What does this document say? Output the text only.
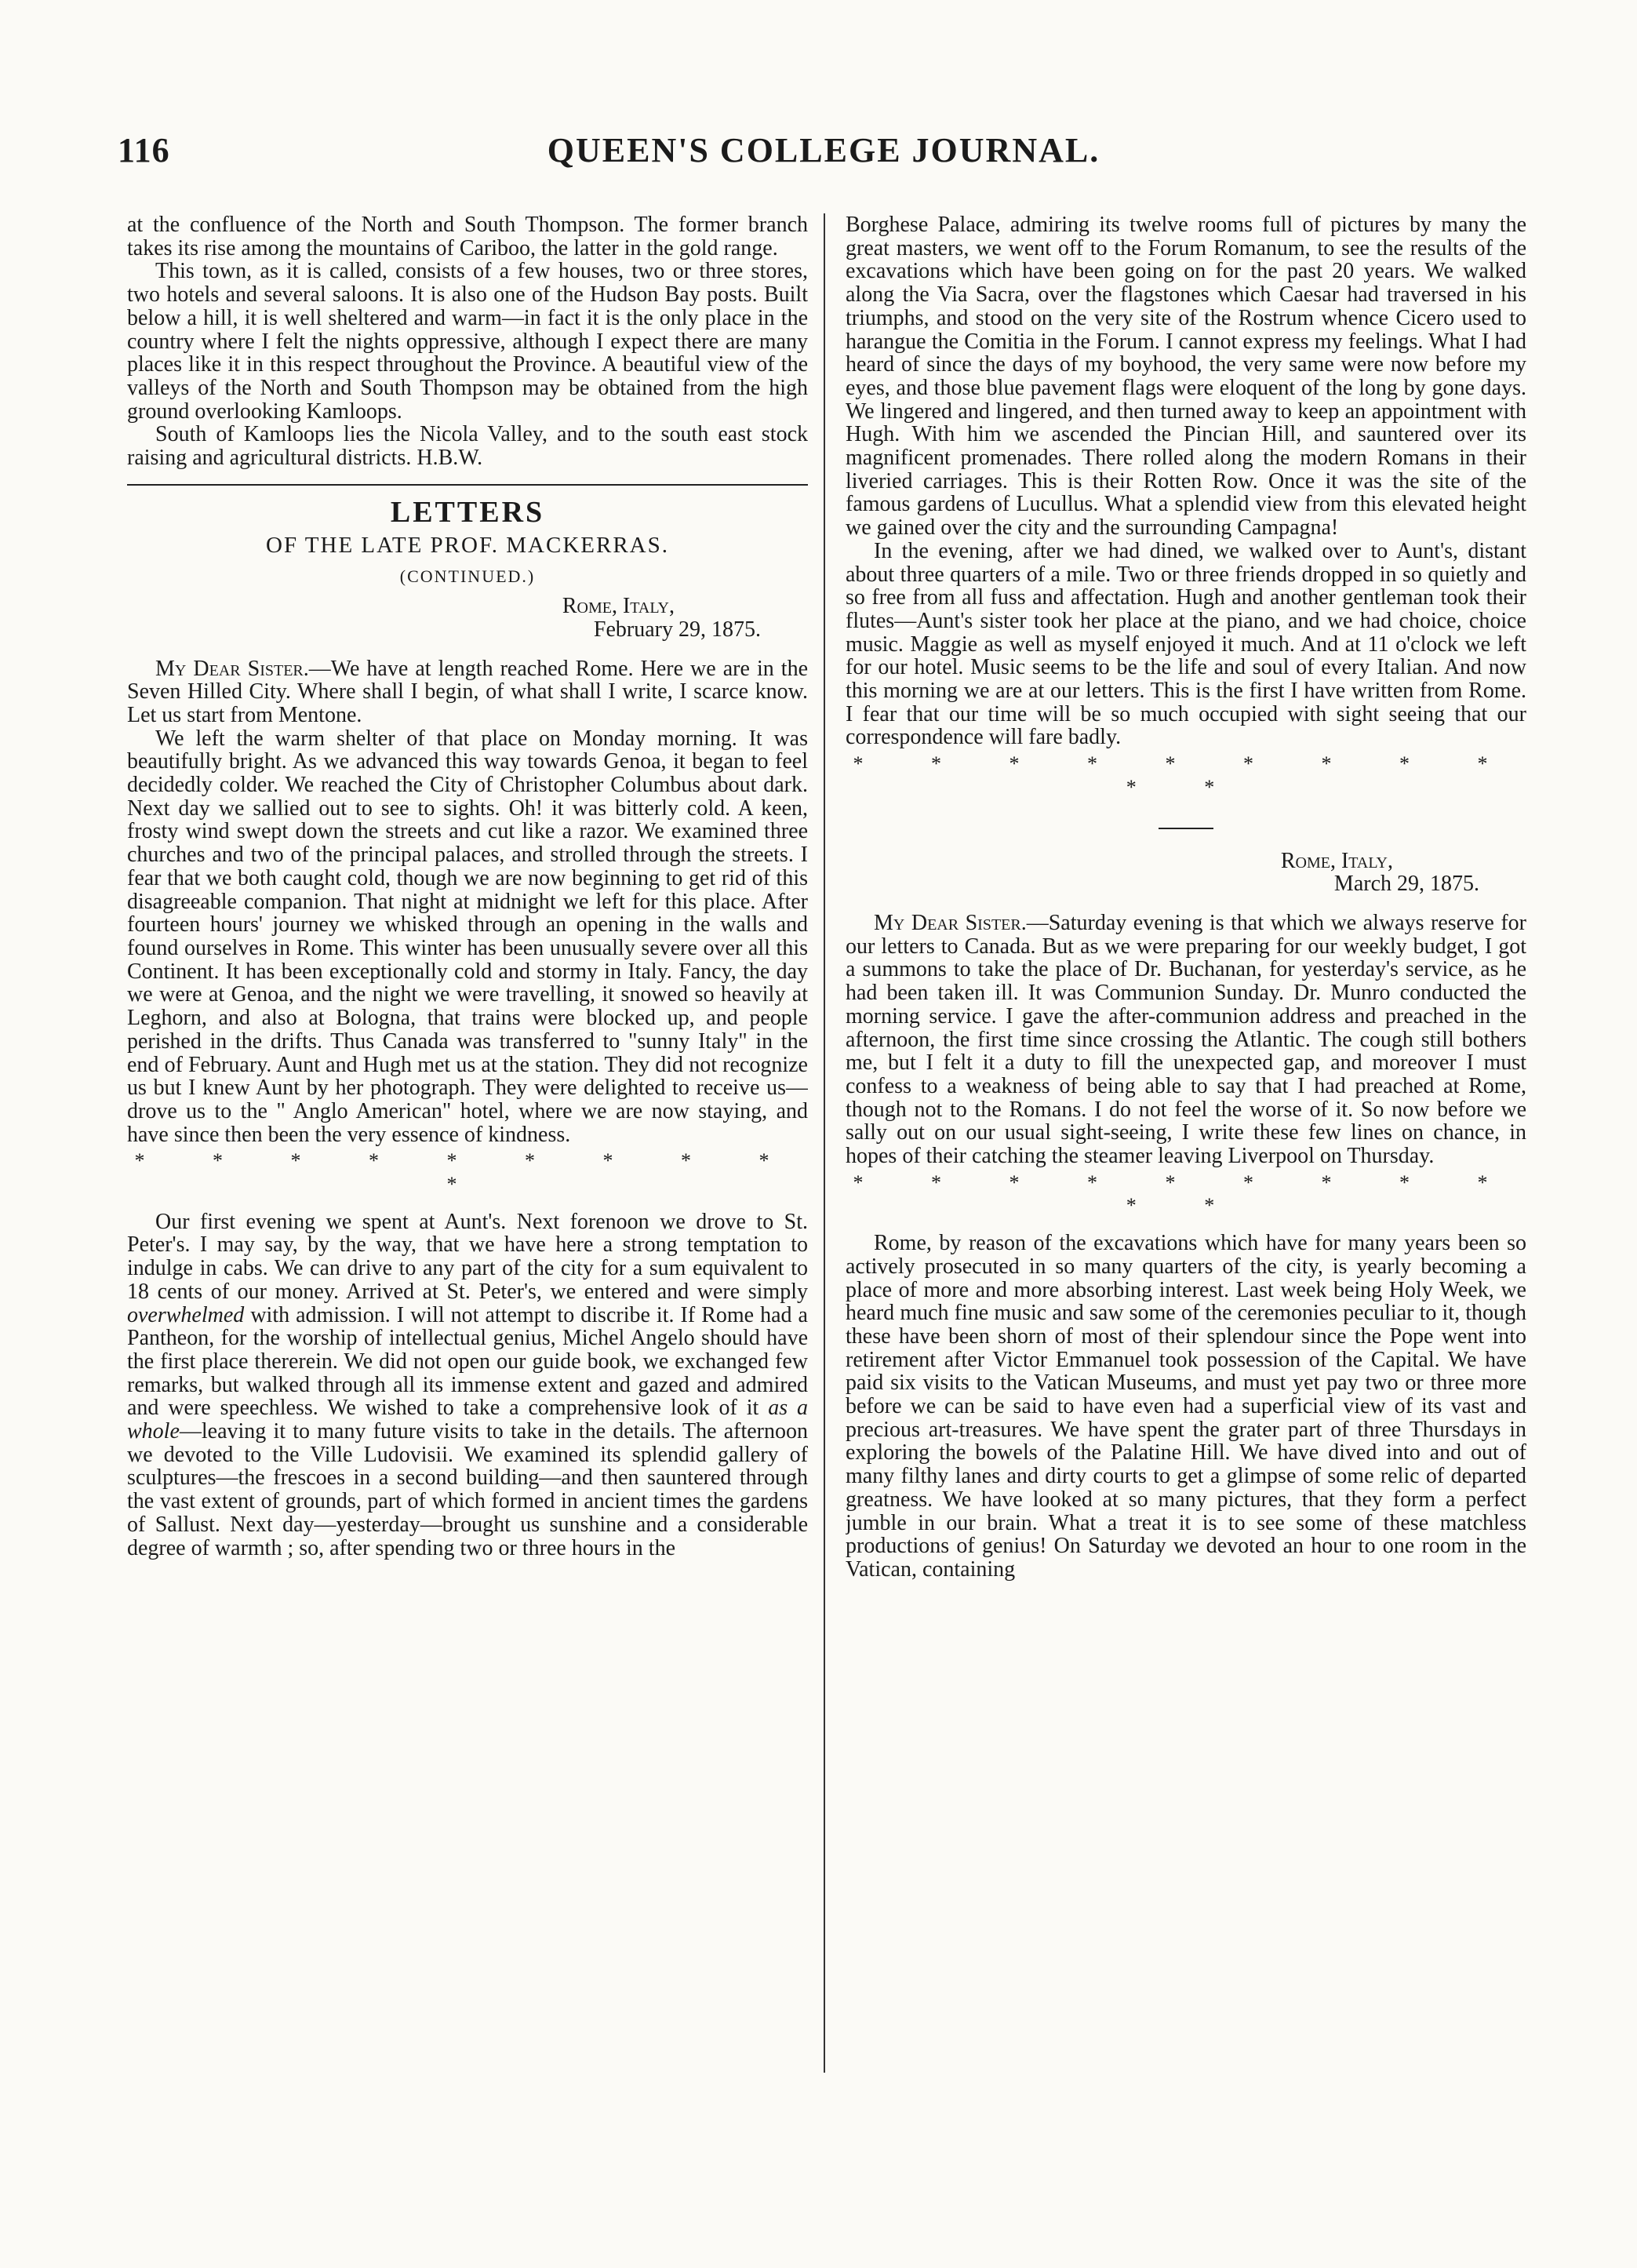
116	QUEEN'S COLLEGE JOURNAL.

at the confluence of the North and South Thompson. The former branch takes its rise among the mountains of Cariboo, the latter in the gold range.

This town, as it is called, consists of a few houses, two or three stores, two hotels and several saloons. It is also one of the Hudson Bay posts. Built below a hill, it is well sheltered and warm—in fact it is the only place in the country where I felt the nights oppressive, although I expect there are many places like it in this respect throughout the Province. A beautiful view of the valleys of the North and South Thompson may be obtained from the high ground overlooking Kamloops.

South of Kamloops lies the Nicola Valley, and to the south east stock raising and agricultural districts. H.B.W.

LETTERS
OF THE LATE PROF. MACKERRAS.
(CONTINUED.)

Rome, Italy,

February 29, 1875.

My Dear Sister.—We have at length reached Rome. Here we are in the Seven Hilled City. Where shall I begin, of what shall I write, I scarce know. Let us start from Mentone.

We left the warm shelter of that place on Monday morning. It was beautifully bright. As we advanced this way towards Genoa, it began to feel decidedly colder. We reached the City of Christopher Columbus about dark. Next day we sallied out to see to sights. Oh! it was bitterly cold. A keen, frosty wind swept down the streets and cut like a razor. We examined three churches and two of the principal palaces, and strolled through the streets. I fear that we both caught cold, though we are now beginning to get rid of this disagreeable companion. That night at midnight we left for this place. After fourteen hours' journey we whisked through an opening in the walls and found ourselves in Rome. This winter has been unusually severe over all this Continent. It has been exceptionally cold and stormy in Italy. Fancy, the day we were at Genoa, and the night we were travelling, it snowed so heavily at Leghorn, and also at Bologna, that trains were blocked up, and people perished in the drifts. Thus Canada was transferred to "sunny Italy" in the end of February. Aunt and Hugh met us at the station. They did not recognize us but I knew Aunt by her photograph. They were delighted to receive us—drove us to the " Anglo American" hotel, where we are now staying, and have since then been the very essence of kindness.

* * * * * * * * * *

Our first evening we spent at Aunt's. Next forenoon we drove to St. Peter's. I may say, by the way, that we have here a strong temptation to indulge in cabs. We can drive to any part of the city for a sum equivalent to 18 cents of our money. Arrived at St. Peter's, we entered and were simply overwhelmed with admission. I will not attempt to discribe it. If Rome had a Pantheon, for the worship of intellectual genius, Michel Angelo should have the first place thererein. We did not open our guide book, we exchanged few remarks, but walked through all its immense extent and gazed and admired and were speechless. We wished to take a comprehensive look of it as a whole—leaving it to many future visits to take in the details. The afternoon we devoted to the Ville Ludovisii. We examined its splendid gallery of sculptures—the frescoes in a second building—and then sauntered through the vast extent of grounds, part of which formed in ancient times the gardens of Sallust. Next day—yesterday—brought us sunshine and a considerable degree of warmth ; so, after spending two or three hours in the

Borghese Palace, admiring its twelve rooms full of pictures by many the great masters, we went off to the Forum Romanum, to see the results of the excavations which have been going on for the past 20 years. We walked along the Via Sacra, over the flagstones which Caesar had traversed in his triumphs, and stood on the very site of the Rostrum whence Cicero used to harangue the Comitia in the Forum. I cannot express my feelings. What I had heard of since the days of my boyhood, the very same were now before my eyes, and those blue pavement flags were eloquent of the long by gone days. We lingered and lingered, and then turned away to keep an appointment with Hugh. With him we ascended the Pincian Hill, and sauntered over its magnificent promenades. There rolled along the modern Romans in their liveried carriages. This is their Rotten Row. Once it was the site of the famous gardens of Lucullus. What a splendid view from this elevated height we gained over the city and the surrounding Campagna!

In the evening, after we had dined, we walked over to Aunt's, distant about three quarters of a mile. Two or three friends dropped in so quietly and so free from all fuss and affectation. Hugh and another gentleman took their flutes—Aunt's sister took her place at the piano, and we had choice, choice music. Maggie as well as myself enjoyed it much. And at 11 o'clock we left for our hotel. Music seems to be the life and soul of every Italian. And now this morning we are at our letters. This is the first I have written from Rome. I fear that our time will be so much occupied with sight seeing that our correspondence will fare badly.

* * * * * * * * * * *

Rome, Italy,

March 29, 1875.

My Dear Sister.—Saturday evening is that which we always reserve for our letters to Canada. But as we were preparing for our weekly budget, I got a summons to take the place of Dr. Buchanan, for yesterday's service, as he had been taken ill. It was Communion Sunday. Dr. Munro conducted the morning service. I gave the after-communion address and preached in the afternoon, the first time since crossing the Atlantic. The cough still bothers me, but I felt it a duty to fill the unexpected gap, and moreover I must confess to a weakness of being able to say that I had preached at Rome, though not to the Romans. I do not feel the worse of it. So now before we sally out on our usual sight-seeing, I write these few lines on chance, in hopes of their catching the steamer leaving Liverpool on Thursday.

* * * * * * * * * * *

Rome, by reason of the excavations which have for many years been so actively prosecuted in so many quarters of the city, is yearly becoming a place of more and more absorbing interest. Last week being Holy Week, we heard much fine music and saw some of the ceremonies peculiar to it, though these have been shorn of most of their splendour since the Pope went into retirement after Victor Emmanuel took possession of the Capital. We have paid six visits to the Vatican Museums, and must yet pay two or three more before we can be said to have even had a superficial view of its vast and precious art-treasures. We have spent the grater part of three Thursdays in exploring the bowels of the Palatine Hill. We have dived into and out of many filthy lanes and dirty courts to get a glimpse of some relic of departed greatness. We have looked at so many pictures, that they form a perfect jumble in our brain. What a treat it is to see some of these matchless productions of genius! On Saturday we devoted an hour to one room in the Vatican, containing
